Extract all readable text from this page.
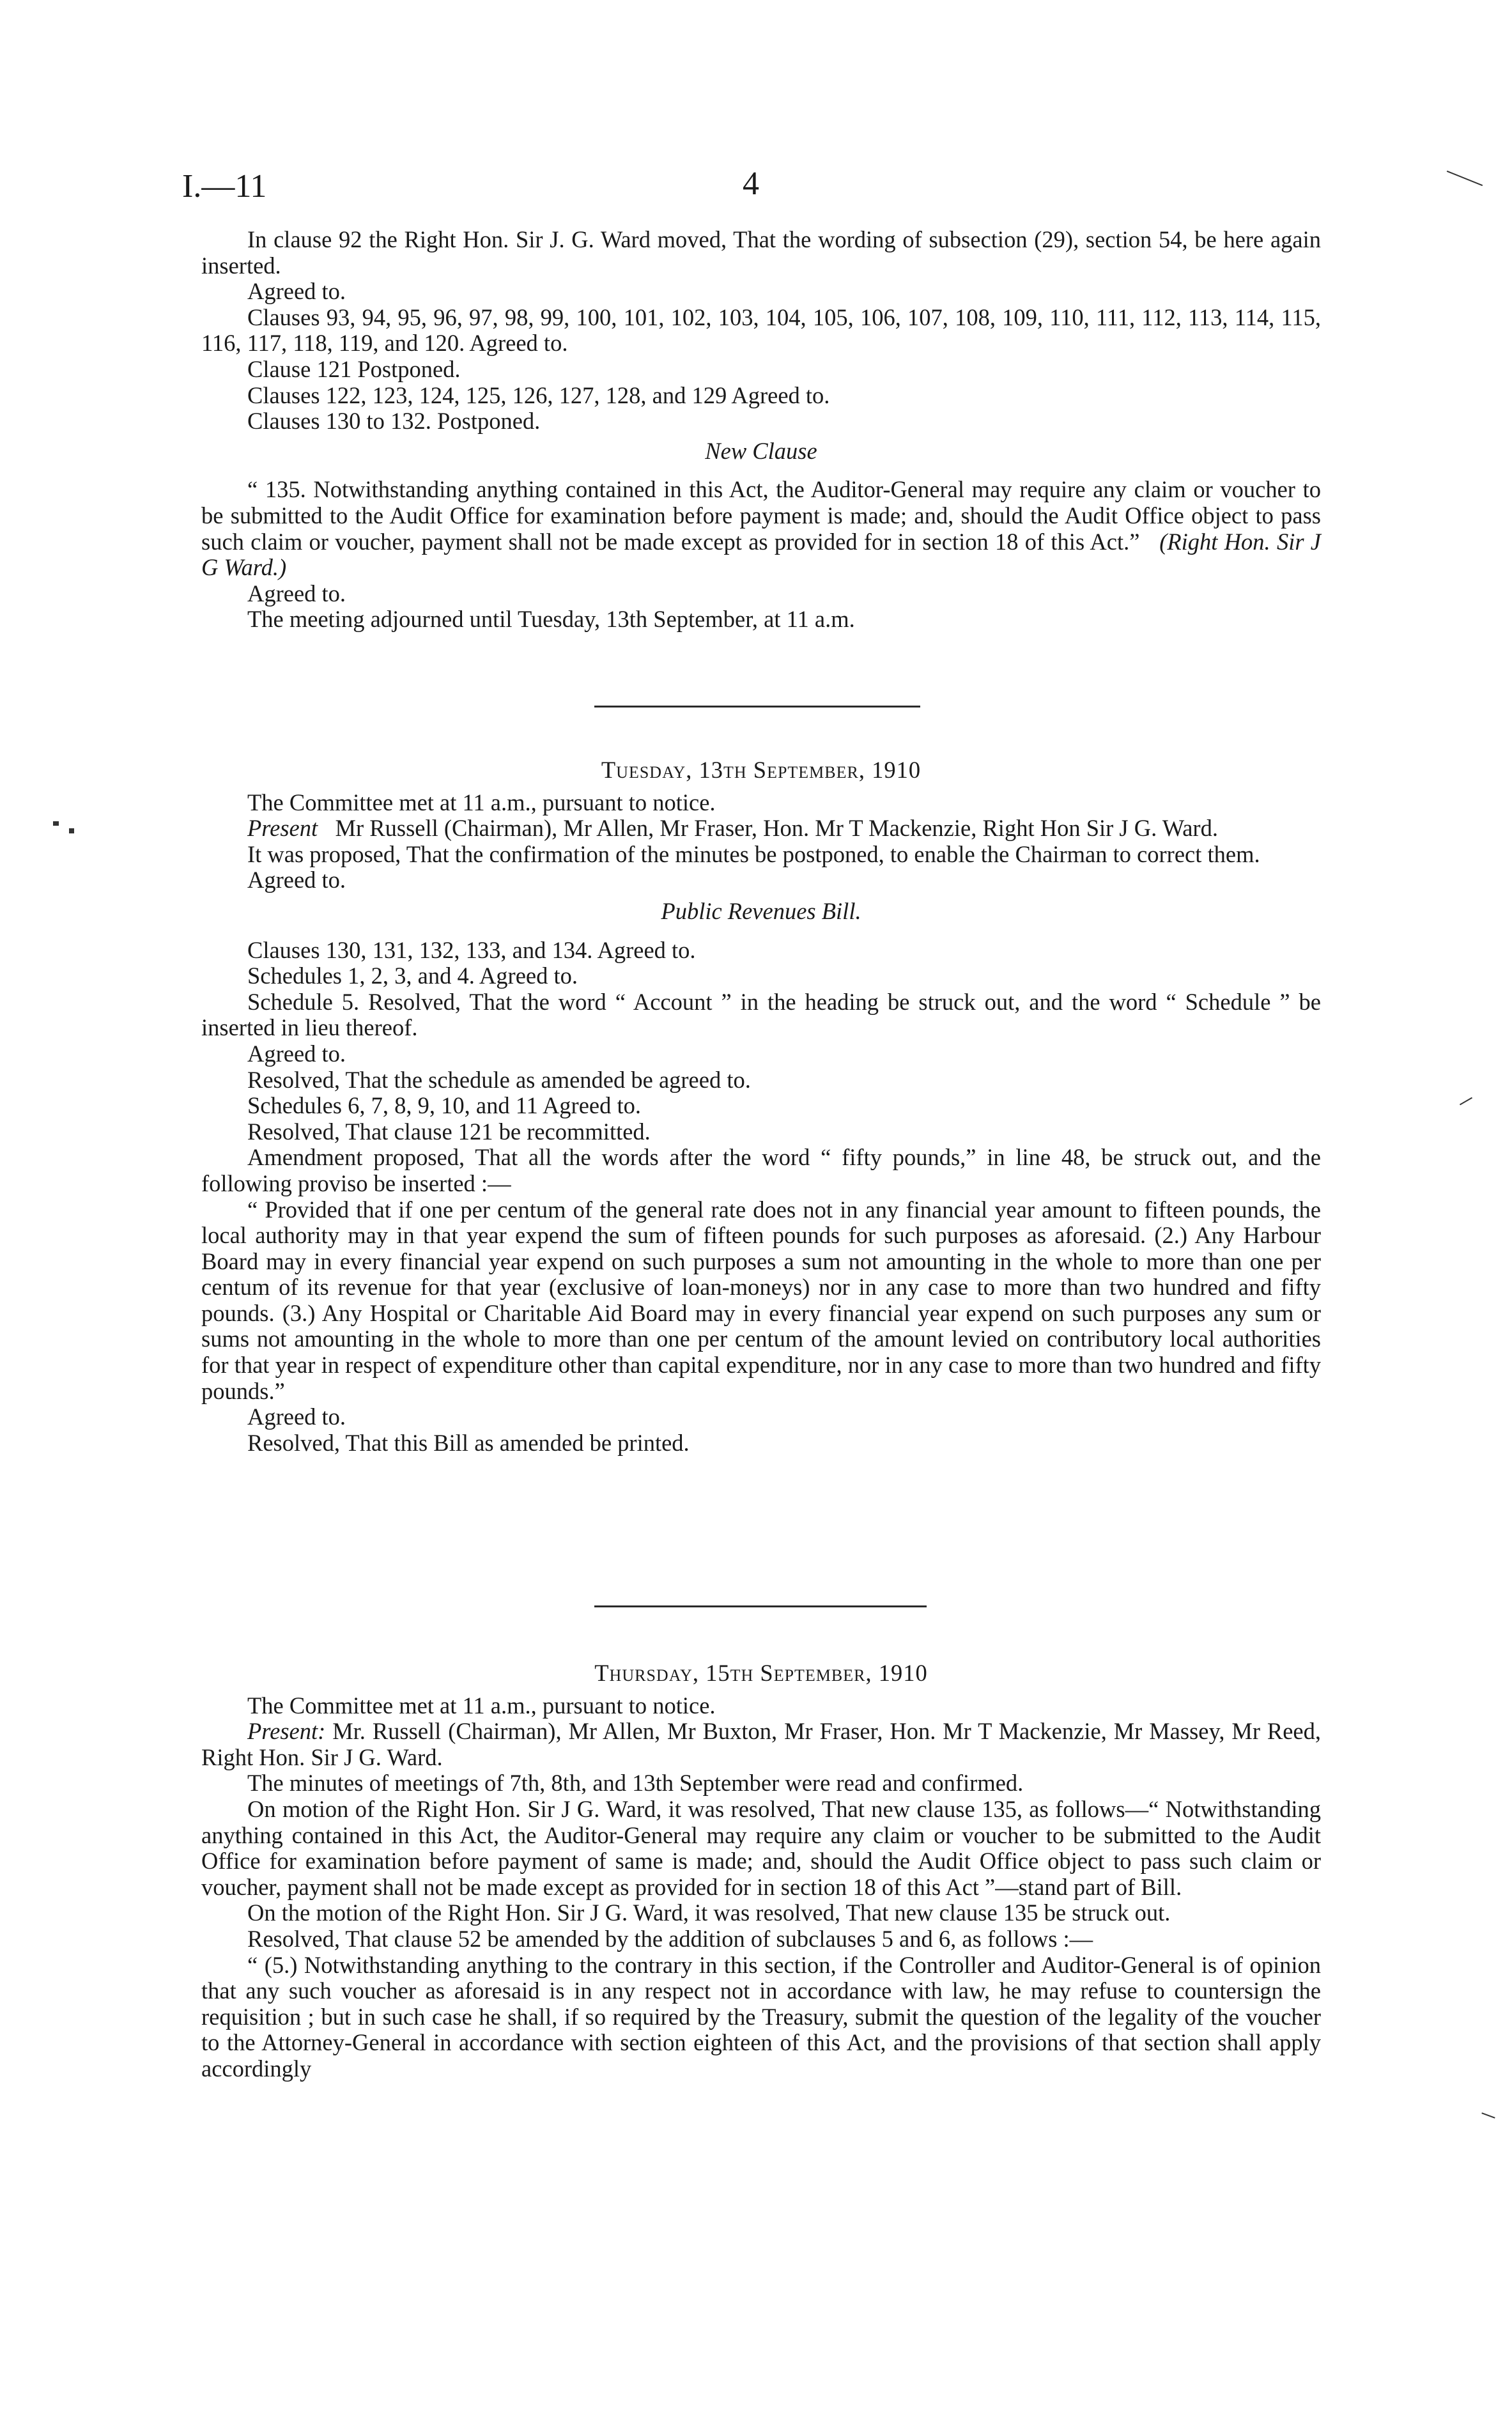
I.—11	4

In clause 92 the Right Hon. Sir J. G. Ward moved, That the wording of subsection (29), section 54, be here again inserted.

Agreed to.

Clauses 93, 94, 95, 96, 97, 98, 99, 100, 101, 102, 103, 104, 105, 106, 107, 108, 109, 110, 111, 112, 113, 114, 115, 116, 117, 118, 119, and 120. Agreed to.

Clause 121 Postponed.

Clauses 122, 123, 124, 125, 126, 127, 128, and 129 Agreed to.

Clauses 130 to 132. Postponed.

New Clause

“ 135. Notwithstanding anything contained in this Act, the Auditor-General may require any claim or voucher to be submitted to the Audit Office for examination before payment is made; and, should the Audit Office object to pass such claim or voucher, payment shall not be made except as provided for in section 18 of this Act.” (Right Hon. Sir J G Ward.)

Agreed to.

The meeting adjourned until Tuesday, 13th September, at 11 a.m.

Tuesday, 13th September, 1910

The Committee met at 11 a.m., pursuant to notice.

Present Mr Russell (Chairman), Mr Allen, Mr Fraser, Hon. Mr T Mackenzie, Right Hon Sir J G. Ward.

It was proposed, That the confirmation of the minutes be postponed, to enable the Chairman to correct them.

Agreed to.

Public Revenues Bill.

Clauses 130, 131, 132, 133, and 134. Agreed to.

Schedules 1, 2, 3, and 4. Agreed to.

Schedule 5. Resolved, That the word “ Account ” in the heading be struck out, and the word “ Schedule ” be inserted in lieu thereof.

Agreed to.

Resolved, That the schedule as amended be agreed to.

Schedules 6, 7, 8, 9, 10, and 11 Agreed to.

Resolved, That clause 121 be recommitted.

Amendment proposed, That all the words after the word “ fifty pounds,” in line 48, be struck out, and the following proviso be inserted :—

“ Provided that if one per centum of the general rate does not in any financial year amount to fifteen pounds, the local authority may in that year expend the sum of fifteen pounds for such purposes as aforesaid. (2.) Any Harbour Board may in every financial year expend on such purposes a sum not amounting in the whole to more than one per centum of its revenue for that year (exclusive of loan-moneys) nor in any case to more than two hundred and fifty pounds. (3.) Any Hospital or Charitable Aid Board may in every financial year expend on such purposes any sum or sums not amounting in the whole to more than one per centum of the amount levied on contributory local authorities for that year in respect of expenditure other than capital expenditure, nor in any case to more than two hundred and fifty pounds.”

Agreed to.

Resolved, That this Bill as amended be printed.

Thursday, 15th September, 1910

The Committee met at 11 a.m., pursuant to notice.

Present: Mr. Russell (Chairman), Mr Allen, Mr Buxton, Mr Fraser, Hon. Mr T Mackenzie, Mr Massey, Mr Reed, Right Hon. Sir J G. Ward.

The minutes of meetings of 7th, 8th, and 13th September were read and confirmed.

On motion of the Right Hon. Sir J G. Ward, it was resolved, That new clause 135, as follows—“ Notwithstanding anything contained in this Act, the Auditor-General may require any claim or voucher to be submitted to the Audit Office for examination before payment of same is made; and, should the Audit Office object to pass such claim or voucher, payment shall not be made except as provided for in section 18 of this Act ”—stand part of Bill.

On the motion of the Right Hon. Sir J G. Ward, it was resolved, That new clause 135 be struck out.

Resolved, That clause 52 be amended by the addition of subclauses 5 and 6, as follows :—

“ (5.) Notwithstanding anything to the contrary in this section, if the Controller and Auditor-General is of opinion that any such voucher as aforesaid is in any respect not in accordance with law, he may refuse to countersign the requisition ; but in such case he shall, if so required by the Treasury, submit the question of the legality of the voucher to the Attorney-General in accordance with section eighteen of this Act, and the provisions of that section shall apply accordingly
